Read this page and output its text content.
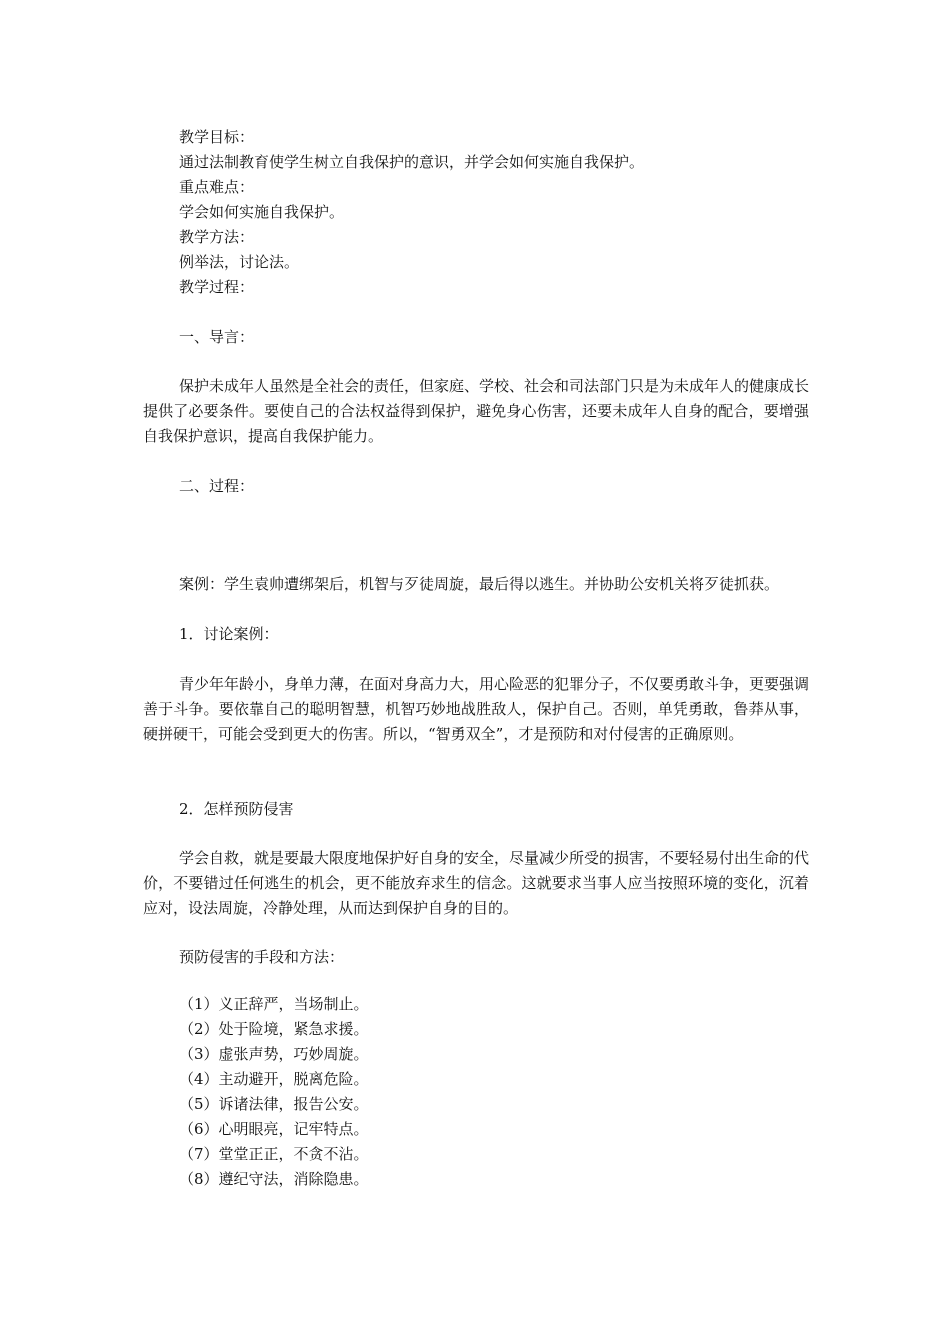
教学目标：

通过法制教育使学生树立自我保护的意识，并学会如何实施自我保护。

重点难点：

学会如何实施自我保护。

教学方法：

例举法，讨论法。

教学过程：

一、导言：

保护未成年人虽然是全社会的责任，但家庭、学校、社会和司法部门只是为未成年人的健康成长提供了必要条件。要使自己的合法权益得到保护，避免身心伤害，还要未成年人自身的配合，要增强自我保护意识，提高自我保护能力。

二、过程：

案例：学生袁帅遭绑架后，机智与歹徒周旋，最后得以逃生。并协助公安机关将歹徒抓获。

1．讨论案例：

青少年年龄小，身单力薄，在面对身高力大，用心险恶的犯罪分子，不仅要勇敢斗争，更要强调善于斗争。要依靠自己的聪明智慧，机智巧妙地战胜敌人，保护自己。否则，单凭勇敢，鲁莽从事，硬拼硬干，可能会受到更大的伤害。所以，“智勇双全”，才是预防和对付侵害的正确原则。

2．怎样预防侵害

学会自救，就是要最大限度地保护好自身的安全，尽量减少所受的损害，不要轻易付出生命的代价，不要错过任何逃生的机会，更不能放弃求生的信念。这就要求当事人应当按照环境的变化，沉着应对，设法周旋，冷静处理，从而达到保护自身的目的。

预防侵害的手段和方法：

（1）义正辞严，当场制止。
（2）处于险境，紧急求援。
（3）虚张声势，巧妙周旋。
（4）主动避开，脱离危险。
（5）诉诸法律，报告公安。
（6）心明眼亮，记牢特点。
（7）堂堂正正，不贪不沾。
（8）遵纪守法，消除隐患。
